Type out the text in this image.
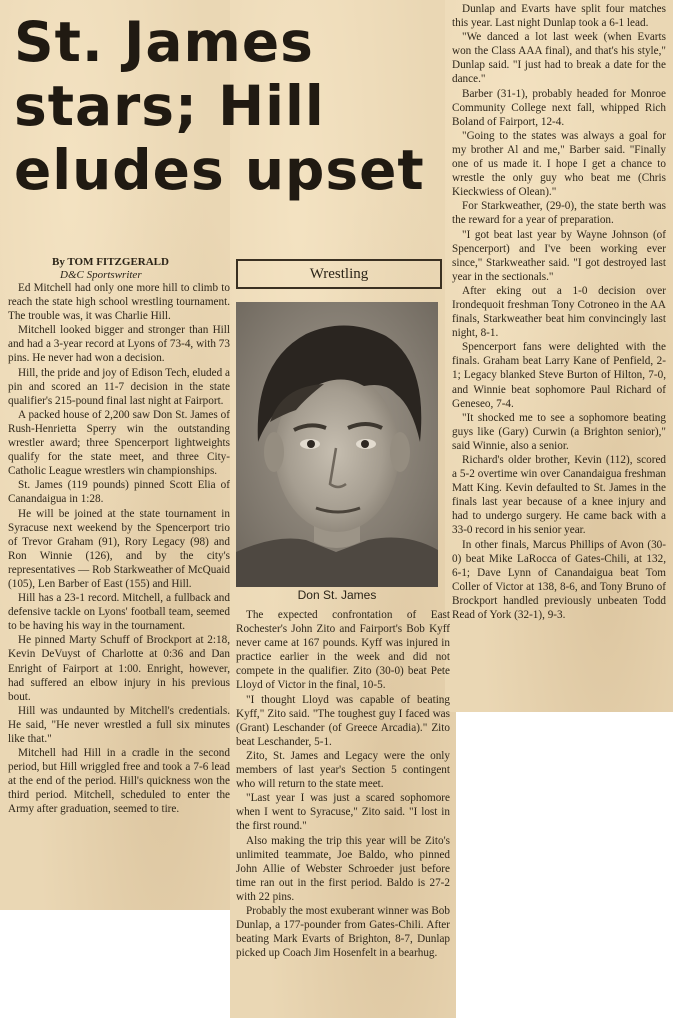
St. James
stars; Hill
eludes upset
By TOM FITZGERALD
D&C Sportswriter

Ed Mitchell had only one more hill to climb to reach the state high school wrestling tournament. The trouble was, it was Charlie Hill.

Mitchell looked bigger and stronger than Hill and had a 3-year record at Lyons of 73-4, with 73 pins. He never had won a decision.

Hill, the pride and joy of Edison Tech, eluded a pin and scored an 11-7 decision in the state qualifier's 215-pound final last night at Fairport.

A packed house of 2,200 saw Don St. James of Rush-Henrietta Sperry win the outstanding wrestler award; three Spencerport lightweights qualify for the state meet, and three City-Catholic League wrestlers win championships.

St. James (119 pounds) pinned Scott Elia of Canandaigua in 1:28.

He will be joined at the state tournament in Syracuse next weekend by the Spencerport trio of Trevor Graham (91), Rory Legacy (98) and Ron Winnie (126), and by the city's representatives — Rob Starkweather of McQuaid (105), Len Barber of East (155) and Hill.

Hill has a 23-1 record. Mitchell, a fullback and defensive tackle on Lyons' football team, seemed to be having his way in the tournament.

He pinned Marty Schuff of Brockport at 2:18, Kevin DeVuyst of Charlotte at 0:36 and Dan Enright of Fairport at 1:00. Enright, however, had suffered an elbow injury in his previous bout.

Hill was undaunted by Mitchell's credentials. He said, "He never wrestled a full six minutes like that."

Mitchell had Hill in a cradle in the second period, but Hill wriggled free and took a 7-6 lead at the end of the period. Hill's quickness won the third period. Mitchell, scheduled to enter the Army after graduation, seemed to tire.

Wrestling
Don St. James

The expected confrontation of East Rochester's John Zito and Fairport's Bob Kyff never came at 167 pounds. Kyff was injured in practice earlier in the week and did not compete in the qualifier. Zito (30-0) beat Pete Lloyd of Victor in the final, 10-5.

"I thought Lloyd was capable of beating Kyff," Zito said. "The toughest guy I faced was (Grant) Leschander (of Greece Arcadia)." Zito beat Leschander, 5-1.

Zito, St. James and Legacy were the only members of last year's Section 5 contingent who will return to the state meet.

"Last year I was just a scared sophomore when I went to Syracuse," Zito said. "I lost in the first round."

Also making the trip this year will be Zito's unlimited teammate, Joe Baldo, who pinned John Allie of Webster Schroeder just before time ran out in the first period. Baldo is 27-2 with 22 pins.

Probably the most exuberant winner was Bob Dunlap, a 177-pounder from Gates-Chili. After beating Mark Evarts of Brighton, 8-7, Dunlap picked up Coach Jim Hosenfelt in a bearhug.

Dunlap and Evarts have split four matches this year. Last night Dunlap took a 6-1 lead.

"We danced a lot last week (when Evarts won the Class AAA final), and that's his style," Dunlap said. "I just had to break a date for the dance."

Barber (31-1), probably headed for Monroe Community College next fall, whipped Rich Boland of Fairport, 12-4.

"Going to the states was always a goal for my brother Al and me," Barber said. "Finally one of us made it. I hope I get a chance to wrestle the only guy who beat me (Chris Kieckwiess of Olean)."

For Starkweather, (29-0), the state berth was the reward for a year of preparation.

"I got beat last year by Wayne Johnson (of Spencerport) and I've been working ever since," Starkweather said. "I got destroyed last year in the sectionals."

After eking out a 1-0 decision over Irondequoit freshman Tony Cotroneo in the AA finals, Starkweather beat him convincingly last night, 8-1.

Spencerport fans were delighted with the finals. Graham beat Larry Kane of Penfield, 2-1; Legacy blanked Steve Burton of Hilton, 7-0, and Winnie beat sophomore Paul Richard of Geneseo, 7-4.

"It shocked me to see a sophomore beating guys like (Gary) Curwin (a Brighton senior)," said Winnie, also a senior.

Richard's older brother, Kevin (112), scored a 5-2 overtime win over Canandaigua freshman Matt King. Kevin defaulted to St. James in the finals last year because of a knee injury and had to undergo surgery. He came back with a 33-0 record in his senior year.

In other finals, Marcus Phillips of Avon (30-0) beat Mike LaRocca of Gates-Chili, at 132, 6-1; Dave Lynn of Canandaigua beat Tom Coller of Victor at 138, 8-6, and Tony Bruno of Brockport handled previously unbeaten Todd Read of York (32-1), 9-3.
